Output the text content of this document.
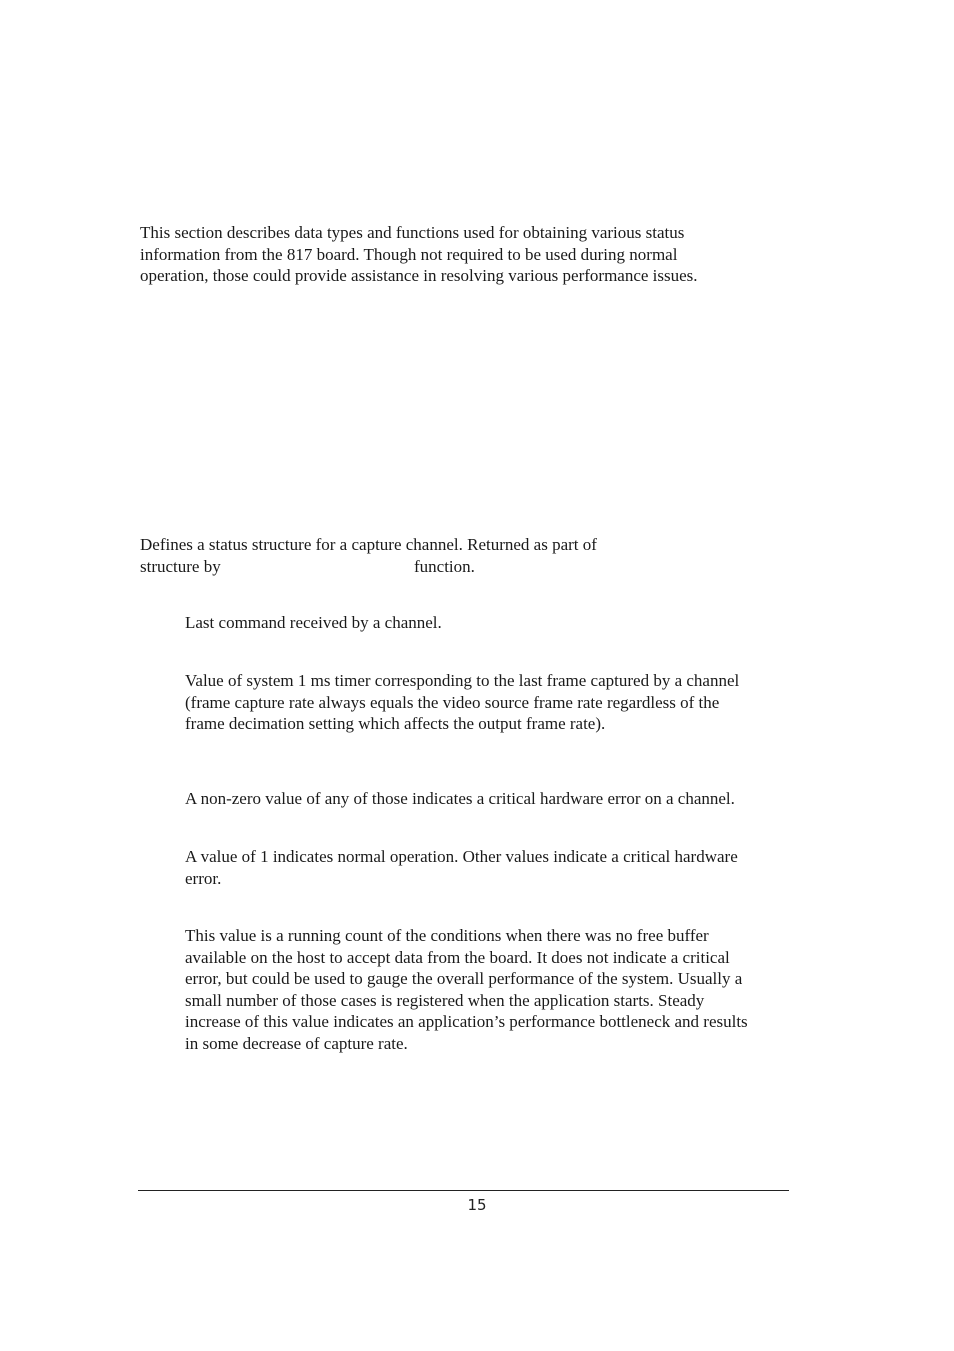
This section describes data types and functions used for obtaining various status
information from the 817 board. Though not required to be used during normal
operation, those could provide assistance in resolving various performance issues.

Defines a status structure for a capture channel. Returned as part of
structure by	function.

Last command received by a channel.

Value of system 1 ms timer corresponding to the last frame captured by a channel
(frame capture rate always equals the video source frame rate regardless of the
frame decimation setting which affects the output frame rate).

A non-zero value of any of those indicates a critical hardware error on a channel.

A value of 1 indicates normal operation. Other values indicate a critical hardware
error.

This value is a running count of the conditions when there was no free buffer
available on the host to accept data from the board. It does not indicate a critical
error, but could be used to gauge the overall performance of the system. Usually a
small number of those cases is registered when the application starts. Steady
increase of this value indicates an application’s performance bottleneck and results
in some decrease of capture rate.

15
